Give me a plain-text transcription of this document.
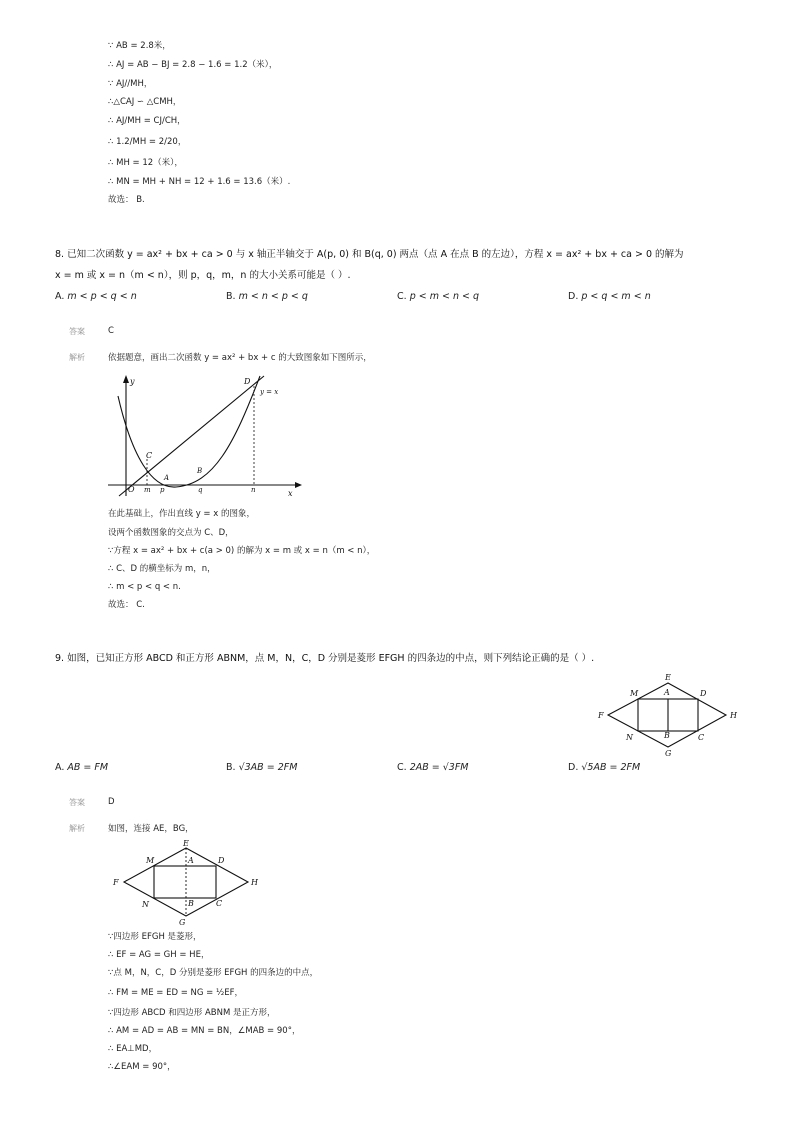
∵ AB = 2.8米，
∴ AJ = AB − BJ = 2.8 − 1.6 = 1.2（米），
∵ AJ//MH，
∴△CAJ ∽ △CMH，
∴ AJ/MH = CJ/CH，
∴ 1.2/MH = 2/20，
∴ MH = 12（米），
∴ MN = MH + NH = 12 + 1.6 = 13.6（米）.
故选： B.
8. 已知二次函数 y = ax² + bx + ca > 0 与 x 轴正半轴交于 A(p, 0) 和 B(q, 0) 两点（点 A 在点 B 的左边），方程 x = ax² + bx + ca > 0 的解为
x = m 或 x = n（m < n），则 p，q，m，n 的大小关系可能是（ ）.
A. m < p < q < n	B. m < n < p < q	C. p < m < n < q	D. p < q < m < n
答案	C
解析	依据题意，画出二次函数 y = ax² + bx + c 的大致图象如下图所示，
y
x
O
y = x
C
D
A
B
m p	q	n
在此基础上，作出直线 y = x 的图象，
设两个函数图象的交点为 C、D，
∵方程 x = ax² + bx + c(a > 0) 的解为 x = m 或 x = n（m < n），
∴ C、D 的横坐标为 m，n，
∴ m < p < q < n.
故选： C.
9. 如图，已知正方形 ABCD 和正方形 ABNM，点 M，N，C，D 分别是菱形 EFGH 的四条边的中点，则下列结论正确的是（ ）.
E
F
G
H
M
N
A
B	C
D
A. AB = FM	B. √3AB = 2FM	C. 2AB = √3FM	D. √5AB = 2FM
答案	D
解析	如图，连接 AE，BG，
E
F
G
H
M
N
A
B	C
D
∵四边形 EFGH 是菱形，
∴ EF = AG = GH = HE，
∵点 M，N，C，D 分别是菱形 EFGH 的四条边的中点，
∴ FM = ME = ED = NG = ½EF，
∵四边形 ABCD 和四边形 ABNM 是正方形，
∴ AM = AD = AB = MN = BN，∠MAB = 90°，
∴ EA⊥MD，
∴∠EAM = 90°，
